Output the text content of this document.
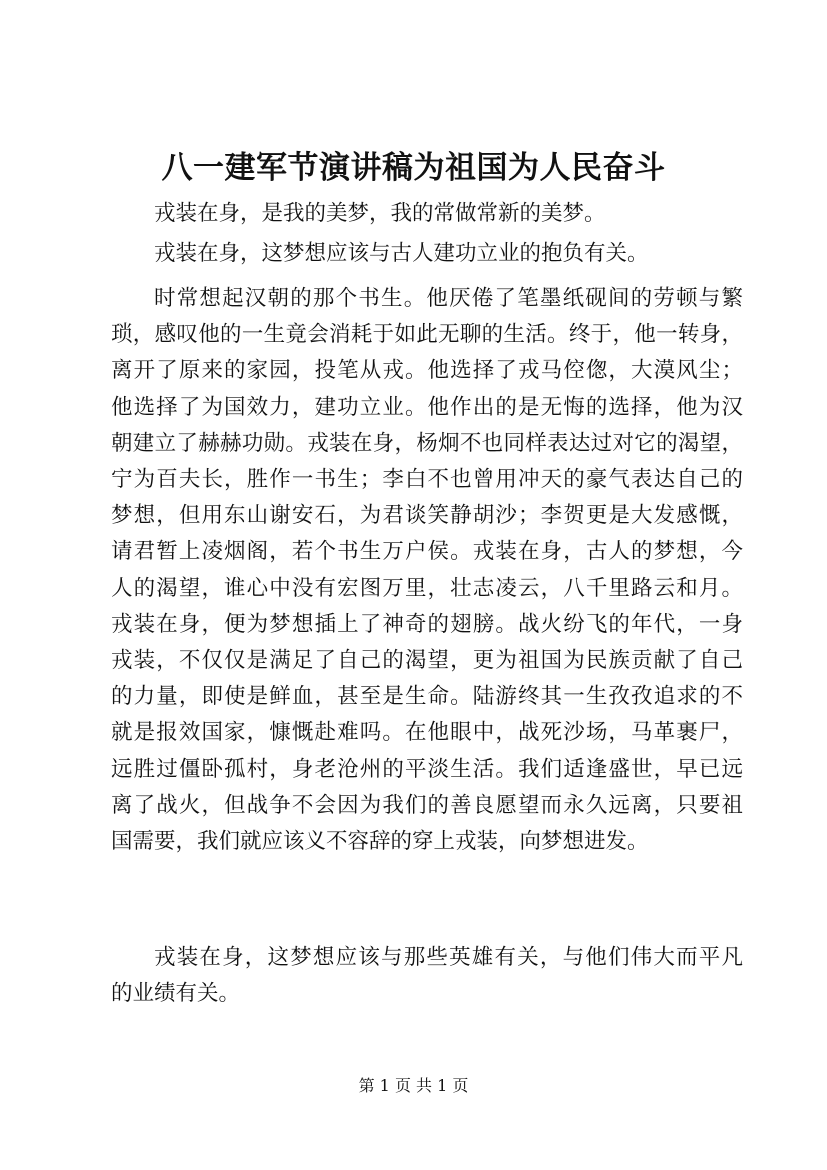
八一建军节演讲稿为祖国为人民奋斗
戎装在身，是我的美梦，我的常做常新的美梦。
戎装在身，这梦想应该与古人建功立业的抱负有关。
时常想起汉朝的那个书生。他厌倦了笔墨纸砚间的劳顿与繁
琐，感叹他的一生竟会消耗于如此无聊的生活。终于，他一转身，
离开了原来的家园，投笔从戎。他选择了戎马倥偬，大漠风尘；
他选择了为国效力，建功立业。他作出的是无悔的选择，他为汉
朝建立了赫赫功勋。戎装在身，杨炯不也同样表达过对它的渴望，
宁为百夫长，胜作一书生；李白不也曾用冲天的豪气表达自己的
梦想，但用东山谢安石，为君谈笑静胡沙；李贺更是大发感慨，
请君暂上凌烟阁，若个书生万户侯。戎装在身，古人的梦想，今
人的渴望，谁心中没有宏图万里，壮志凌云，八千里路云和月。
戎装在身，便为梦想插上了神奇的翅膀。战火纷飞的年代，一身
戎装，不仅仅是满足了自己的渴望，更为祖国为民族贡献了自己
的力量，即使是鲜血，甚至是生命。陆游终其一生孜孜追求的不
就是报效国家，慷慨赴难吗。在他眼中，战死沙场，马革裹尸，
远胜过僵卧孤村，身老沧州的平淡生活。我们适逢盛世，早已远
离了战火，但战争不会因为我们的善良愿望而永久远离，只要祖
国需要，我们就应该义不容辞的穿上戎装，向梦想进发。
戎装在身，这梦想应该与那些英雄有关，与他们伟大而平凡
的业绩有关。
第 1 页 共 1 页
